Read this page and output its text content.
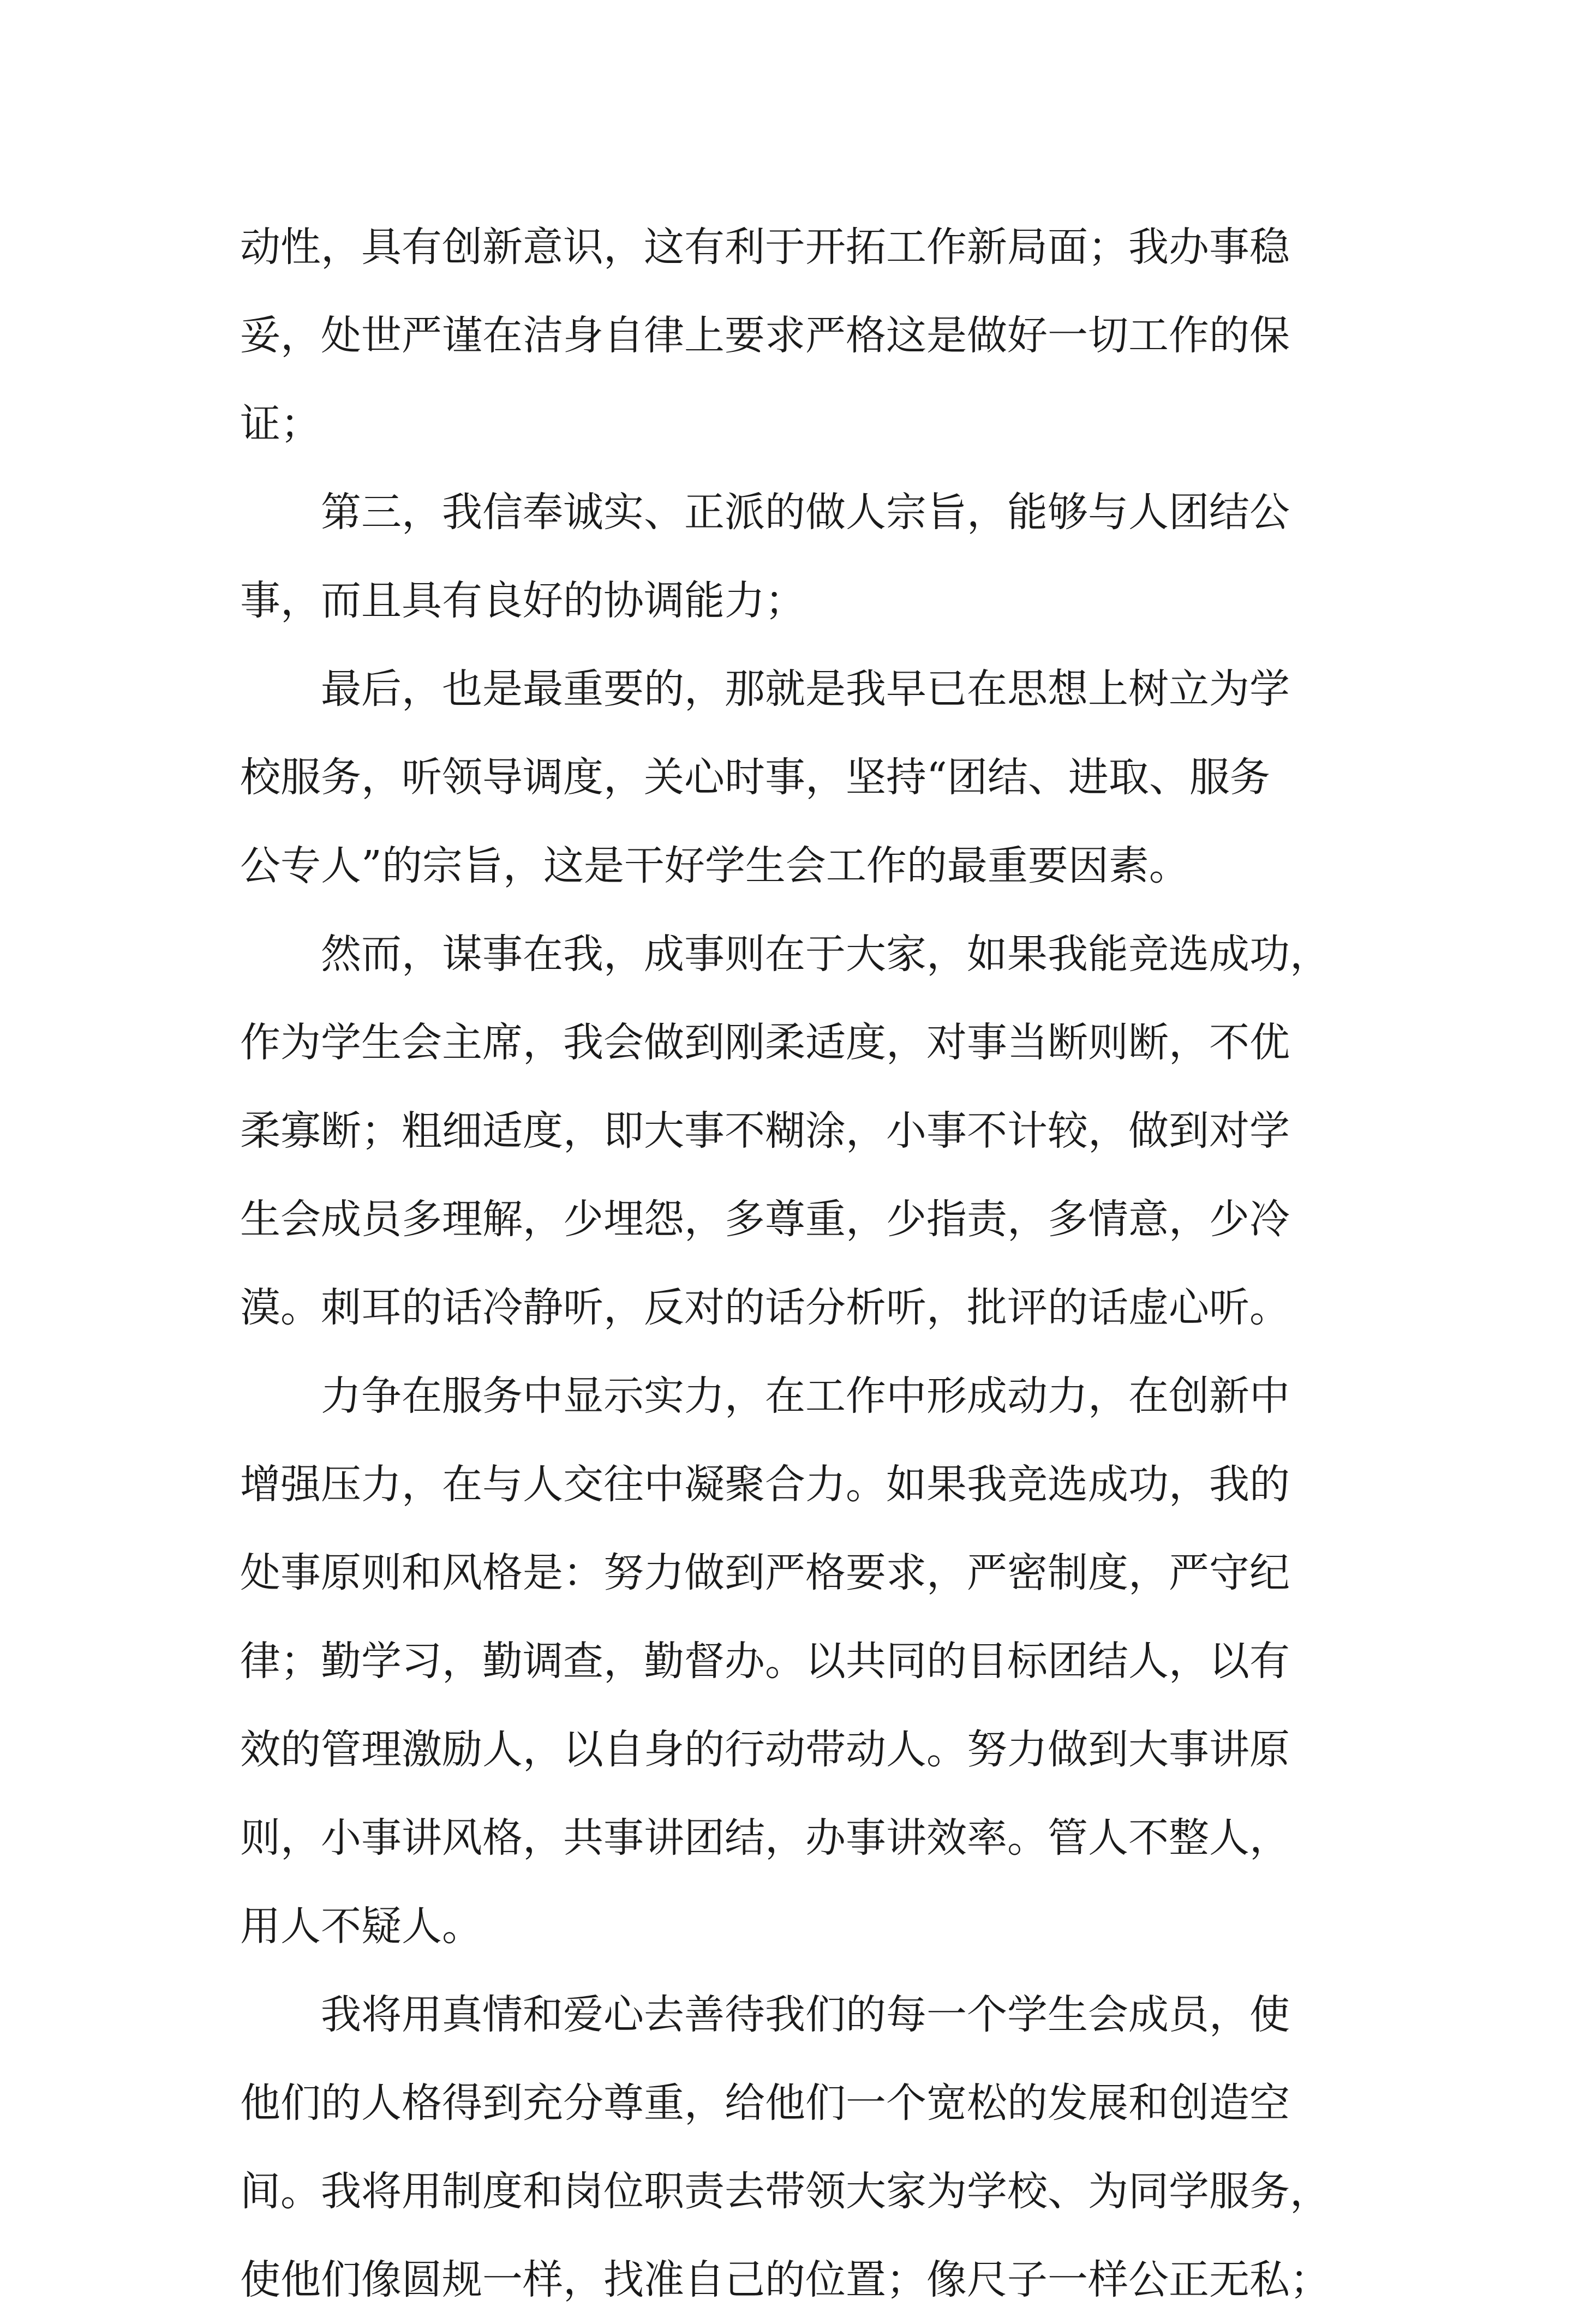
动性，具有创新意识，这有利于开拓工作新局面；我办事稳
妥，处世严谨在洁身自律上要求严格这是做好一切工作的保
证；
　　第三，我信奉诚实、正派的做人宗旨，能够与人团结公
事，而且具有良好的协调能力；
　　最后，也是最重要的，那就是我早已在思想上树立为学
校服务，听领导调度，关心时事，坚持“团结、进取、服务
公专人”的宗旨，这是干好学生会工作的最重要因素。
　　然而，谋事在我，成事则在于大家，如果我能竞选成功，
作为学生会主席，我会做到刚柔适度，对事当断则断，不优
柔寡断；粗细适度，即大事不糊涂，小事不计较，做到对学
生会成员多理解，少埋怨，多尊重，少指责，多情意，少冷
漠。刺耳的话冷静听，反对的话分析听，批评的话虚心听。
　　力争在服务中显示实力，在工作中形成动力，在创新中
增强压力，在与人交往中凝聚合力。如果我竞选成功，我的
处事原则和风格是：努力做到严格要求，严密制度，严守纪
律；勤学习，勤调查，勤督办。以共同的目标团结人，以有
效的管理激励人，以自身的行动带动人。努力做到大事讲原
则，小事讲风格，共事讲团结，办事讲效率。管人不整人，
用人不疑人。
　　我将用真情和爱心去善待我们的每一个学生会成员，使
他们的人格得到充分尊重，给他们一个宽松的发展和创造空
间。我将用制度和岗位职责去带领大家为学校、为同学服务，
使他们像圆规一样，找准自己的位置；像尺子一样公正无私；
